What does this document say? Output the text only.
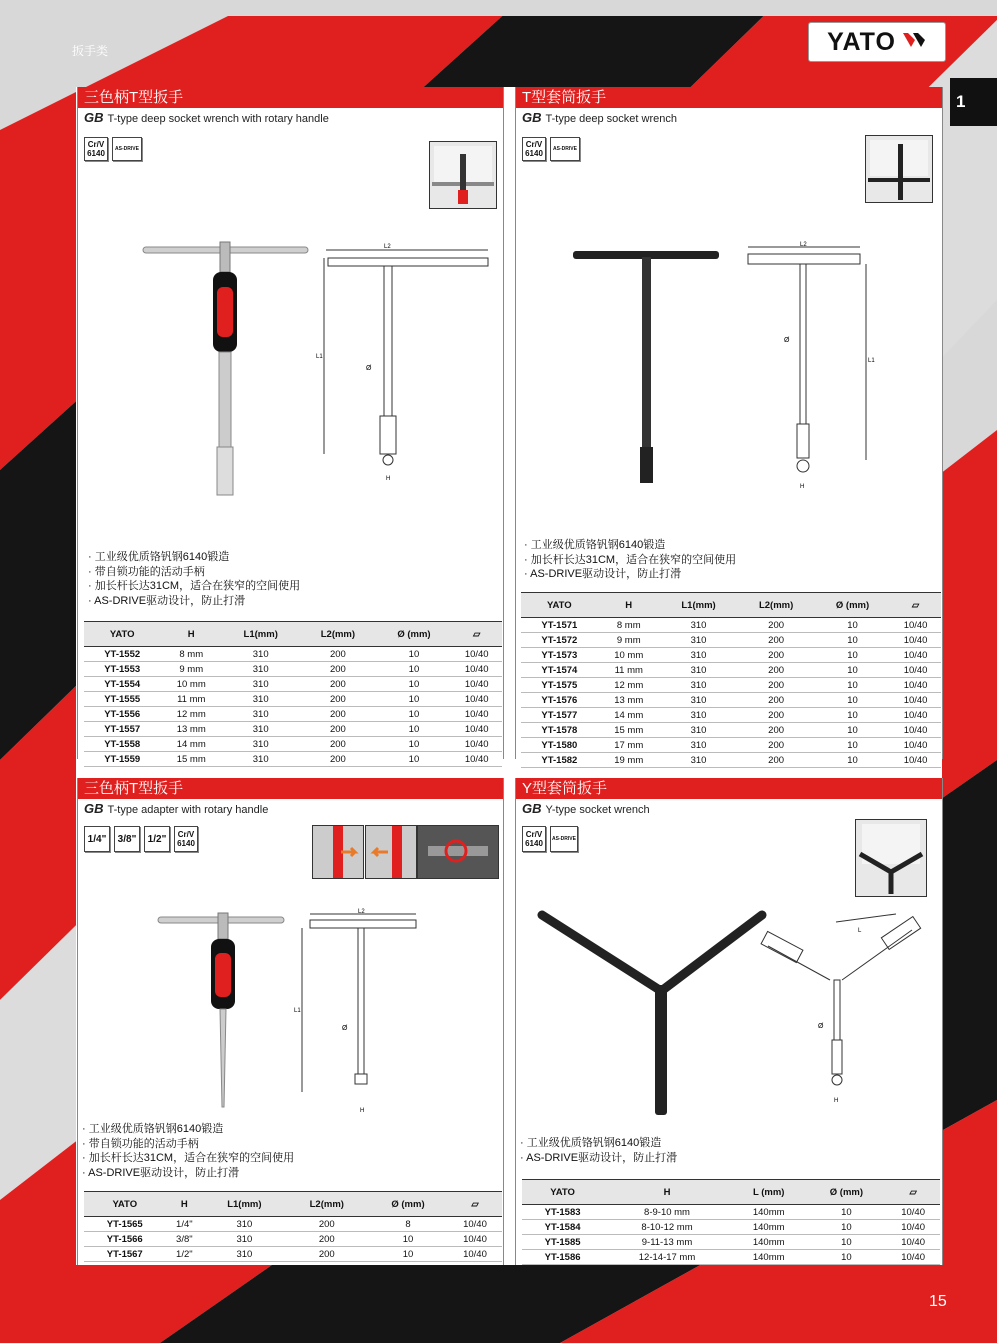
扳手类	YATO
1
15
三色柄T型扳手
GB T-type deep socket wrench with rotary handle
Cr/V 6140
AS-DRIVE
L2
L1
Ø
H
· 工业级优质铬钒钢6140锻造
· 带自锁功能的活动手柄
· 加长杆长达31CM，适合在狭窄的空间使用
· AS-DRIVE驱动设计，防止打滑
YATO	H	L1(mm)	L2(mm)	Ø (mm)	▱
YT-1552	8 mm	310	200	10	10/40
YT-1553	9 mm	310	200	10	10/40
YT-1554	10 mm	310	200	10	10/40
YT-1555	11 mm	310	200	10	10/40
YT-1556	12 mm	310	200	10	10/40
YT-1557	13 mm	310	200	10	10/40
YT-1558	14 mm	310	200	10	10/40
YT-1559	15 mm	310	200	10	10/40
T型套筒扳手
GB T-type deep socket wrench
Cr/V 6140
AS-DRIVE
L2
L1
Ø
H
· 工业级优质铬钒钢6140锻造
· 加长杆长达31CM，适合在狭窄的空间使用
· AS-DRIVE驱动设计，防止打滑
YATO	H	L1(mm)	L2(mm)	Ø (mm)	▱
YT-1571	8 mm	310	200	10	10/40
YT-1572	9 mm	310	200	10	10/40
YT-1573	10 mm	310	200	10	10/40
YT-1574	11 mm	310	200	10	10/40
YT-1575	12 mm	310	200	10	10/40
YT-1576	13 mm	310	200	10	10/40
YT-1577	14 mm	310	200	10	10/40
YT-1578	15 mm	310	200	10	10/40
YT-1580	17 mm	310	200	10	10/40
YT-1582	19 mm	310	200	10	10/40
三色柄T型扳手
GB T-type adapter with rotary handle
1/4"	3/8"	1/2"	Cr/V 6140
L2
L1
Ø
H
· 工业级优质铬钒钢6140锻造
· 带自锁功能的活动手柄
· 加长杆长达31CM，适合在狭窄的空间使用
· AS-DRIVE驱动设计，防止打滑
YATO	H	L1(mm)	L2(mm)	Ø (mm)	▱
YT-1565	1/4"	310	200	8	10/40
YT-1566	3/8"	310	200	10	10/40
YT-1567	1/2"	310	200	10	10/40
Y型套筒扳手
GB Y-type socket wrench
Cr/V 6140
AS-DRIVE
L
Ø
H
· 工业级优质铬钒钢6140锻造
· AS-DRIVE驱动设计，防止打滑
YATO	H	L (mm)	Ø (mm)	▱
YT-1583	8-9-10 mm	140mm	10	10/40
YT-1584	8-10-12 mm	140mm	10	10/40
YT-1585	9-11-13 mm	140mm	10	10/40
YT-1586	12-14-17 mm	140mm	10	10/40
